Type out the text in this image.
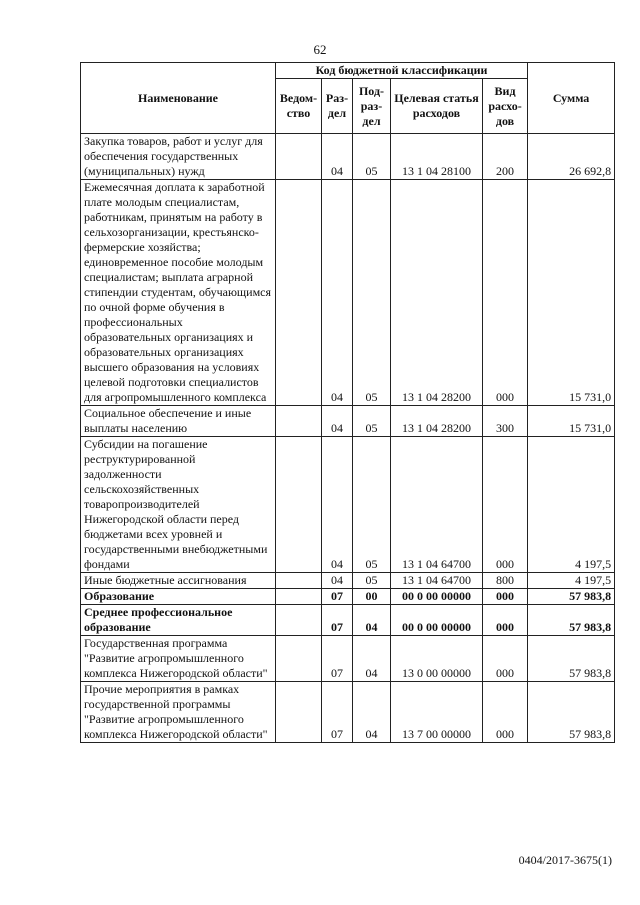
62
Наименование	Код бюджетной классификации					Сумма
	Ведом-ство	Раз-дел	Под-раз-дел	Целевая статья расходов	Вид расхо-дов	
Закупка товаров, работ и услуг для обеспечения государственных (муниципальных) нужд		04	05	13 1 04 28100	200	26 692,8
Ежемесячная доплата к заработной плате молодым специалистам, работникам, принятым на работу в сельхозорганизации, крестьянско-фермерские хозяйства; единовременное пособие молодым специалистам; выплата аграрной стипендии студентам, обучающимся по очной форме обучения в профессиональных образовательных организациях и образовательных организациях высшего образования на условиях целевой подготовки специалистов для агропромышленного комплекса		04	05	13 1 04 28200	000	15 731,0
Социальное обеспечение и иные выплаты населению		04	05	13 1 04 28200	300	15 731,0
Субсидии на погашение реструктурированной задолженности сельскохозяйственных товаропроизводителей Нижегородской области перед бюджетами всех уровней и государственными внебюджетными фондами		04	05	13 1 04 64700	000	4 197,5
Иные бюджетные ассигнования		04	05	13 1 04 64700	800	4 197,5
Образование		07	00	00 0 00 00000	000	57 983,8
Среднее профессиональное образование		07	04	00 0 00 00000	000	57 983,8
Государственная программа "Развитие агропромышленного комплекса Нижегородской области"		07	04	13 0 00 00000	000	57 983,8
Прочие мероприятия в рамках государственной программы "Развитие агропромышленного комплекса Нижегородской области"		07	04	13 7 00 00000	000	57 983,8
0404/2017-3675(1)
